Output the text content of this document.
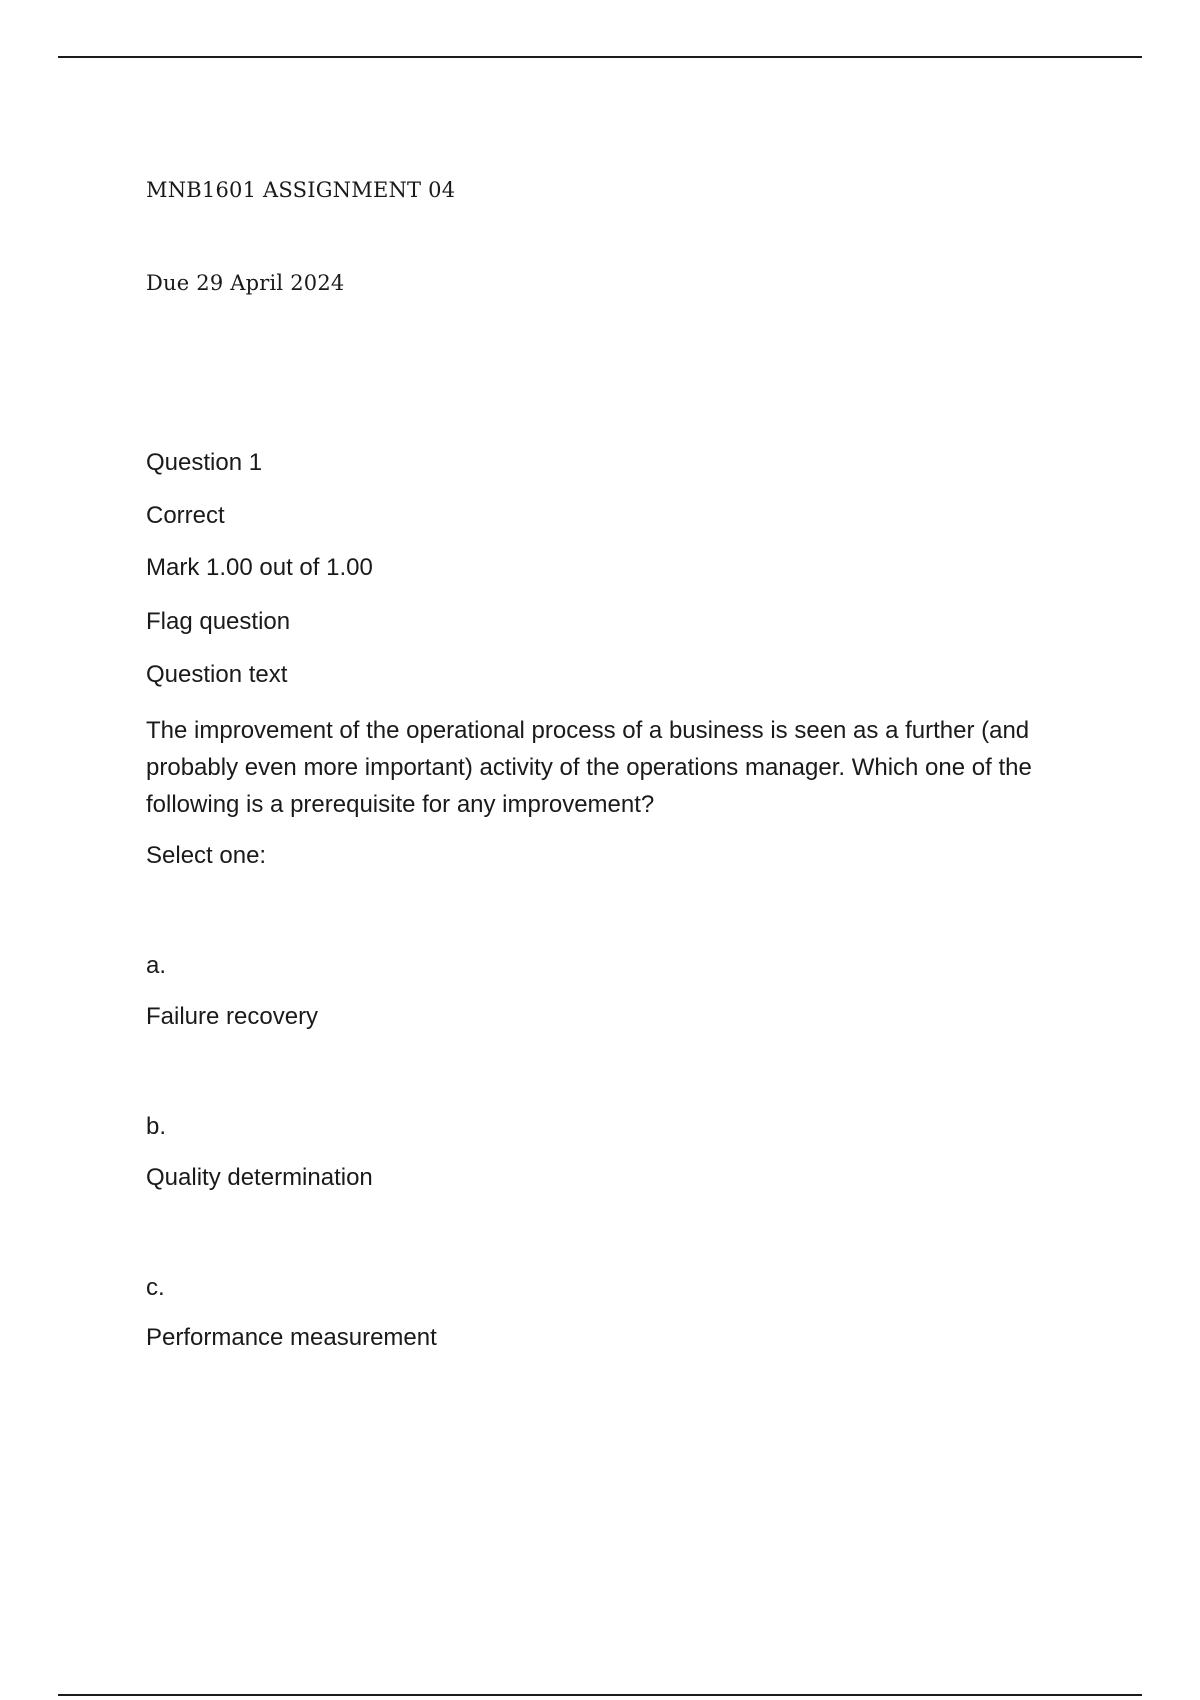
MNB1601 ASSIGNMENT 04

Due 29 April 2024

Question 1

Correct

Mark 1.00 out of 1.00

Flag question

Question text

The improvement of the operational process of a business is seen as a further (and probably even more important) activity of the operations manager. Which one of the following is a prerequisite for any improvement?

Select one:

a.

Failure recovery

b.

Quality determination

c.

Performance measurement
